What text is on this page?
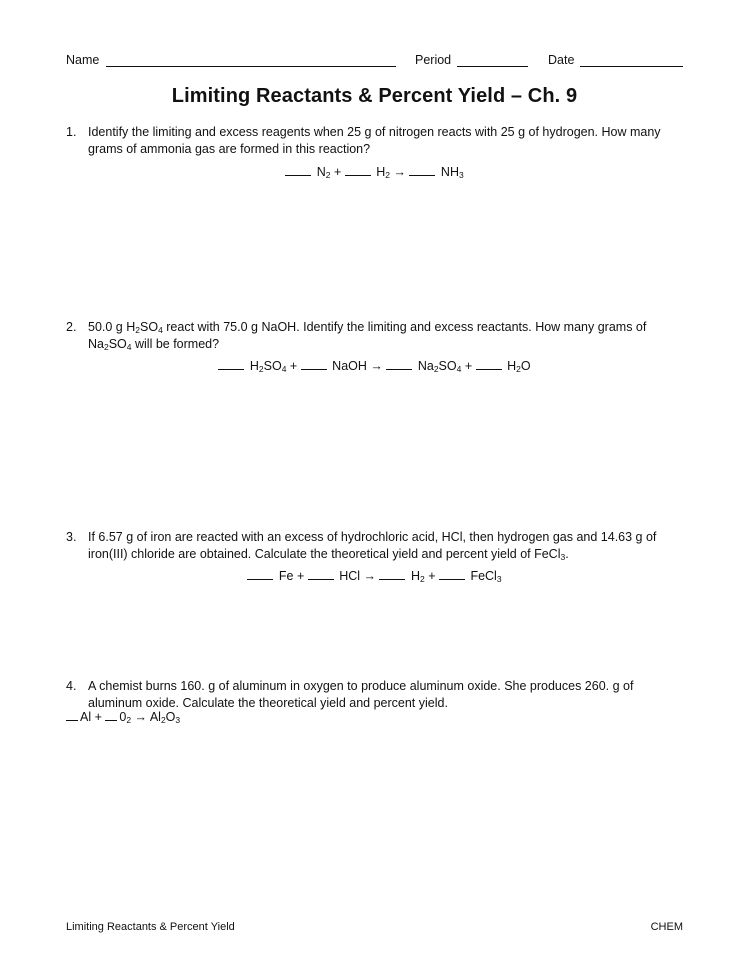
Name	Period	Date
Limiting Reactants & Percent Yield – Ch. 9
1. Identify the limiting and excess reagents when 25 g of nitrogen reacts with 25 g of hydrogen. How many grams of ammonia gas are formed in this reaction?
$N_2 + H_2 \to NH_3$
2. 50.0 g $H_2SO_4$ react with 75.0 g NaOH. Identify the limiting and excess reactants. How many grams of $Na_2SO_4$ will be formed?
$H_2SO_4$ +  NaOH →  $Na_2SO_4 + H_2O$
3. If 6.57 g of iron are reacted with an excess of hydrochloric acid, HCl, then hydrogen gas and 14.63 g of iron(III) chloride are obtained. Calculate the theoretical yield and percent yield of FeCl$_3$.
Fe +  HCl →  $H_2$ +  FeCl$_3$
4. A chemist burns 160. g of aluminum in oxygen to produce aluminum oxide. She produces 260. g of aluminum oxide. Calculate the theoretical yield and percent yield.
$Al + 0_2 \to Al_2O_3$
Limiting Reactants & Percent Yield	CHEM
